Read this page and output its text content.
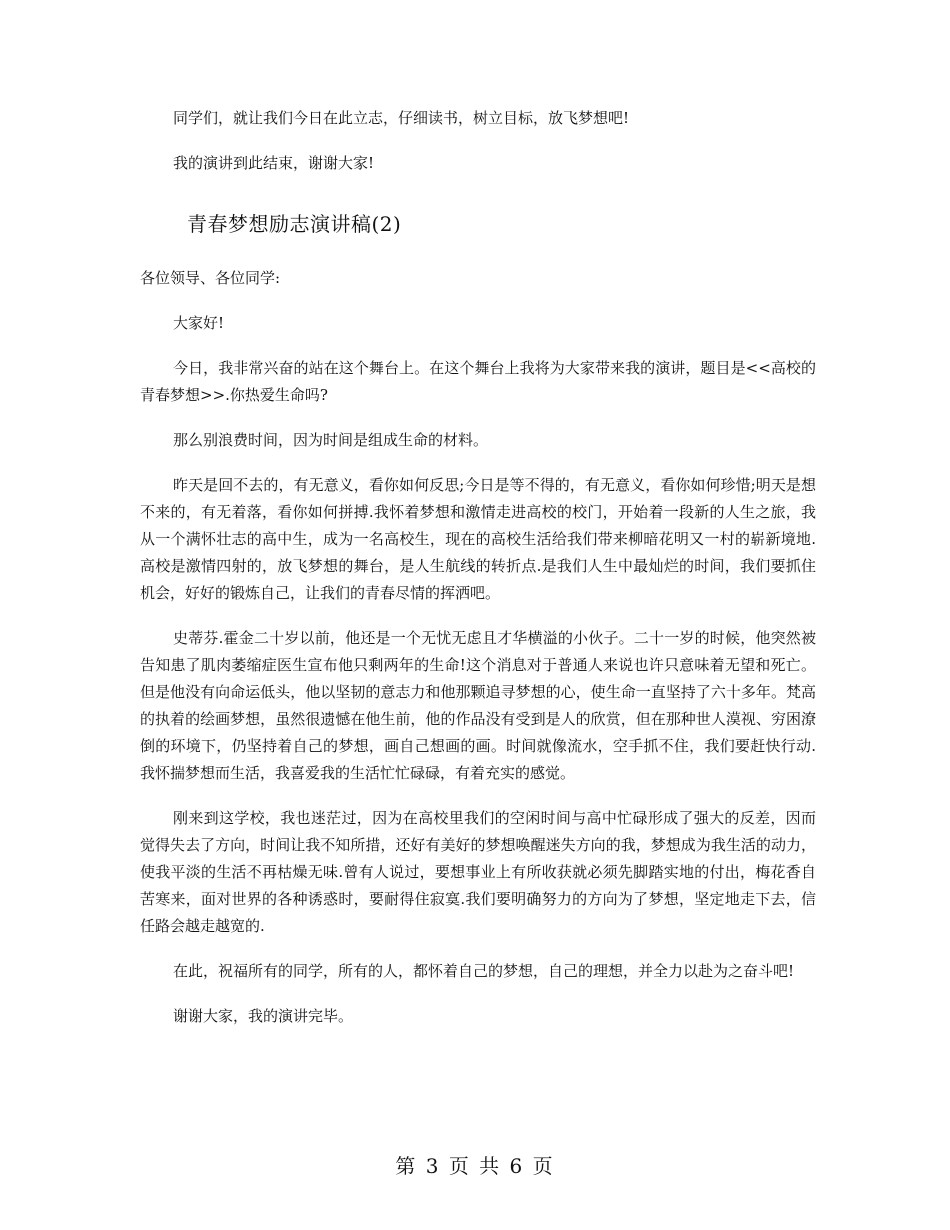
同学们，就让我们今日在此立志，仔细读书，树立目标，放飞梦想吧!

我的演讲到此结束，谢谢大家!

青春梦想励志演讲稿(2)

各位领导、各位同学:

大家好!

今日，我非常兴奋的站在这个舞台上。在这个舞台上我将为大家带来我的演讲，题目是<<高校的青春梦想>>.你热爱生命吗?

那么别浪费时间，因为时间是组成生命的材料。

昨天是回不去的，有无意义，看你如何反思;今日是等不得的，有无意义，看你如何珍惜;明天是想不来的，有无着落，看你如何拼搏.我怀着梦想和激情走进高校的校门，开始着一段新的人生之旅，我从一个满怀壮志的高中生，成为一名高校生，现在的高校生活给我们带来柳暗花明又一村的崭新境地.高校是激情四射的，放飞梦想的舞台，是人生航线的转折点.是我们人生中最灿烂的时间，我们要抓住机会，好好的锻炼自己，让我们的青春尽情的挥洒吧。

史蒂芬.霍金二十岁以前，他还是一个无忧无虑且才华横溢的小伙子。二十一岁的时候，他突然被告知患了肌肉萎缩症医生宣布他只剩两年的生命!这个消息对于普通人来说也许只意味着无望和死亡。但是他没有向命运低头，他以坚韧的意志力和他那颗追寻梦想的心，使生命一直坚持了六十多年。梵高的执着的绘画梦想，虽然很遗憾在他生前，他的作品没有受到是人的欣赏，但在那种世人漠视、穷困潦倒的环境下，仍坚持着自己的梦想，画自己想画的画。时间就像流水，空手抓不住，我们要赶快行动.我怀揣梦想而生活，我喜爱我的生活忙忙碌碌，有着充实的感觉。

刚来到这学校，我也迷茫过，因为在高校里我们的空闲时间与高中忙碌形成了强大的反差，因而觉得失去了方向，时间让我不知所措，还好有美好的梦想唤醒迷失方向的我，梦想成为我生活的动力，使我平淡的生活不再枯燥无味.曾有人说过，要想事业上有所收获就必须先脚踏实地的付出，梅花香自苦寒来，面对世界的各种诱惑时，要耐得住寂寞.我们要明确努力的方向为了梦想，坚定地走下去，信任路会越走越宽的.

在此，祝福所有的同学，所有的人，都怀着自己的梦想，自己的理想，并全力以赴为之奋斗吧!

谢谢大家，我的演讲完毕。

第 3 页 共 6 页
